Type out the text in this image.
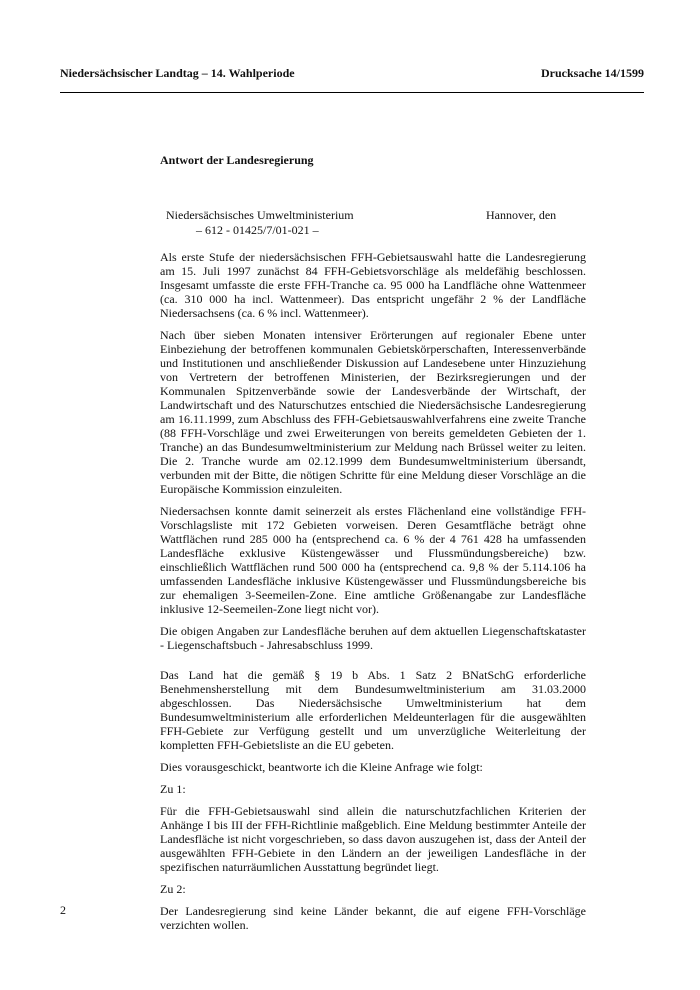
Niedersächsischer Landtag – 14. Wahlperiode	Drucksache 14/1599
Antwort der Landesregierung
Niedersächsisches Umweltministerium
– 612 - 01425/7/01-021 –
Hannover, den

Als erste Stufe der niedersächsischen FFH-Gebietsauswahl hatte die Landesregierung am 15. Juli 1997 zunächst 84 FFH-Gebietsvorschläge als meldefähig beschlossen. Insgesamt umfasste die erste FFH-Tranche ca. 95 000 ha Landfläche ohne Wattenmeer (ca. 310 000 ha incl. Wattenmeer). Das entspricht ungefähr 2 % der Landfläche Niedersachsens (ca. 6 % incl. Wattenmeer).

Nach über sieben Monaten intensiver Erörterungen auf regionaler Ebene unter Einbeziehung der betroffenen kommunalen Gebietskörperschaften, Interessenverbände und Institutionen und anschließender Diskussion auf Landesebene unter Hinzuziehung von Vertretern der betroffenen Ministerien, der Bezirksregierungen und der Kommunalen Spitzenverbände sowie der Landesverbände der Wirtschaft, der Landwirtschaft und des Naturschutzes entschied die Niedersächsische Landesregierung am 16.11.1999, zum Abschluss des FFH-Gebietsauswahlverfahrens eine zweite Tranche (88 FFH-Vorschläge und zwei Erweiterungen von bereits gemeldeten Gebieten der 1. Tranche) an das Bundesumweltministerium zur Meldung nach Brüssel weiter zu leiten. Die 2. Tranche wurde am 02.12.1999 dem Bundesumweltministerium übersandt, verbunden mit der Bitte, die nötigen Schritte für eine Meldung dieser Vorschläge an die Europäische Kommission einzuleiten.

Niedersachsen konnte damit seinerzeit als erstes Flächenland eine vollständige FFH-Vorschlagsliste mit 172 Gebieten vorweisen. Deren Gesamtfläche beträgt ohne Wattflächen rund 285 000 ha (entsprechend ca. 6 % der 4 761 428 ha umfassenden Landesfläche exklusive Küstengewässer und Flussmündungsbereiche) bzw. einschließlich Wattflächen rund 500 000 ha (entsprechend ca. 9,8 % der 5.114.106 ha umfassenden Landesfläche inklusive Küstengewässer und Flussmündungsbereiche bis zur ehemaligen 3-Seemeilen-Zone. Eine amtliche Größenangabe zur Landesfläche inklusive 12-Seemeilen-Zone liegt nicht vor).

Die obigen Angaben zur Landesfläche beruhen auf dem aktuellen Liegenschaftskataster - Liegenschaftsbuch - Jahresabschluss 1999.

Das Land hat die gemäß § 19 b Abs. 1 Satz 2 BNatSchG erforderliche Benehmensherstellung mit dem Bundesumweltministerium am 31.03.2000 abgeschlossen. Das Niedersächsische Umweltministerium hat dem Bundesumweltministerium alle erforderlichen Meldeunterlagen für die ausgewählten FFH-Gebiete zur Verfügung gestellt und um unverzügliche Weiterleitung der kompletten FFH-Gebietsliste an die EU gebeten.

Dies vorausgeschickt, beantworte ich die Kleine Anfrage wie folgt:

Zu 1:

Für die FFH-Gebietsauswahl sind allein die naturschutzfachlichen Kriterien der Anhänge I bis III der FFH-Richtlinie maßgeblich. Eine Meldung bestimmter Anteile der Landesfläche ist nicht vorgeschrieben, so dass davon auszugehen ist, dass der Anteil der ausgewählten FFH-Gebiete in den Ländern an der jeweiligen Landesfläche in der spezifischen naturräumlichen Ausstattung begründet liegt.

Zu 2:

Der Landesregierung sind keine Länder bekannt, die auf eigene FFH-Vorschläge verzichten wollen.

2
